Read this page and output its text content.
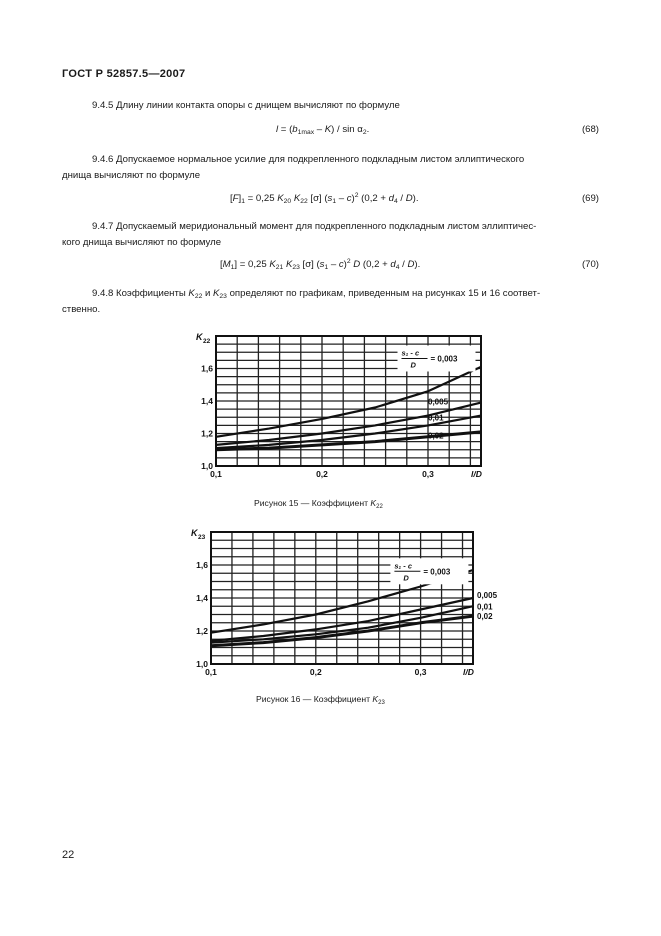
ГОСТ Р 52857.5—2007
9.4.5 Длину линии контакта опоры с днищем вычисляют по формуле
$l = (b_{1max} - K) / \sin \alpha_2$.	(68)
9.4.6 Допускаемое нормальное усилие для подкрепленного подкладным листом эллиптического
днища вычисляют по формуле
$[F]_1 = 0,25$ $K_{20}$ $K_{22}$ [σ] $(s_1 - c)^2$ $(0,2 + d_4 / D)$.	(69)
9.4.7 Допускаемый меридиональный момент для подкрепленного подкладным листом эллиптичес-
кого днища вычисляют по формуле
$[M_1] = 0,25$ $K_{21}$ $K_{23}$ [σ] $(s_1 - c)^2$ D $(0,2 + d_4 / D)$.	(70)
9.4.8 Коэффициенты $K_{22}$ и $K_{23}$ определяют по графикам, приведенным на рисунках 15 и 16 соответ-
ственно.
1,0
1,2
1,4
1,6
0,1	0,2	0,3	l/D
K 22
0,005
0,01
0,02
s₁ - c
D
= 0,003
Рисунок 15 — Коэффициент $K_{22}$
1,0
1,2
1,4
1,6
0,1	0,2	0,3	l/D
K 23
0,005
0,01
0,02
s₁ - c
D
= 0,003
Рисунок 16 — Коэффициент $K_{23}$
22
